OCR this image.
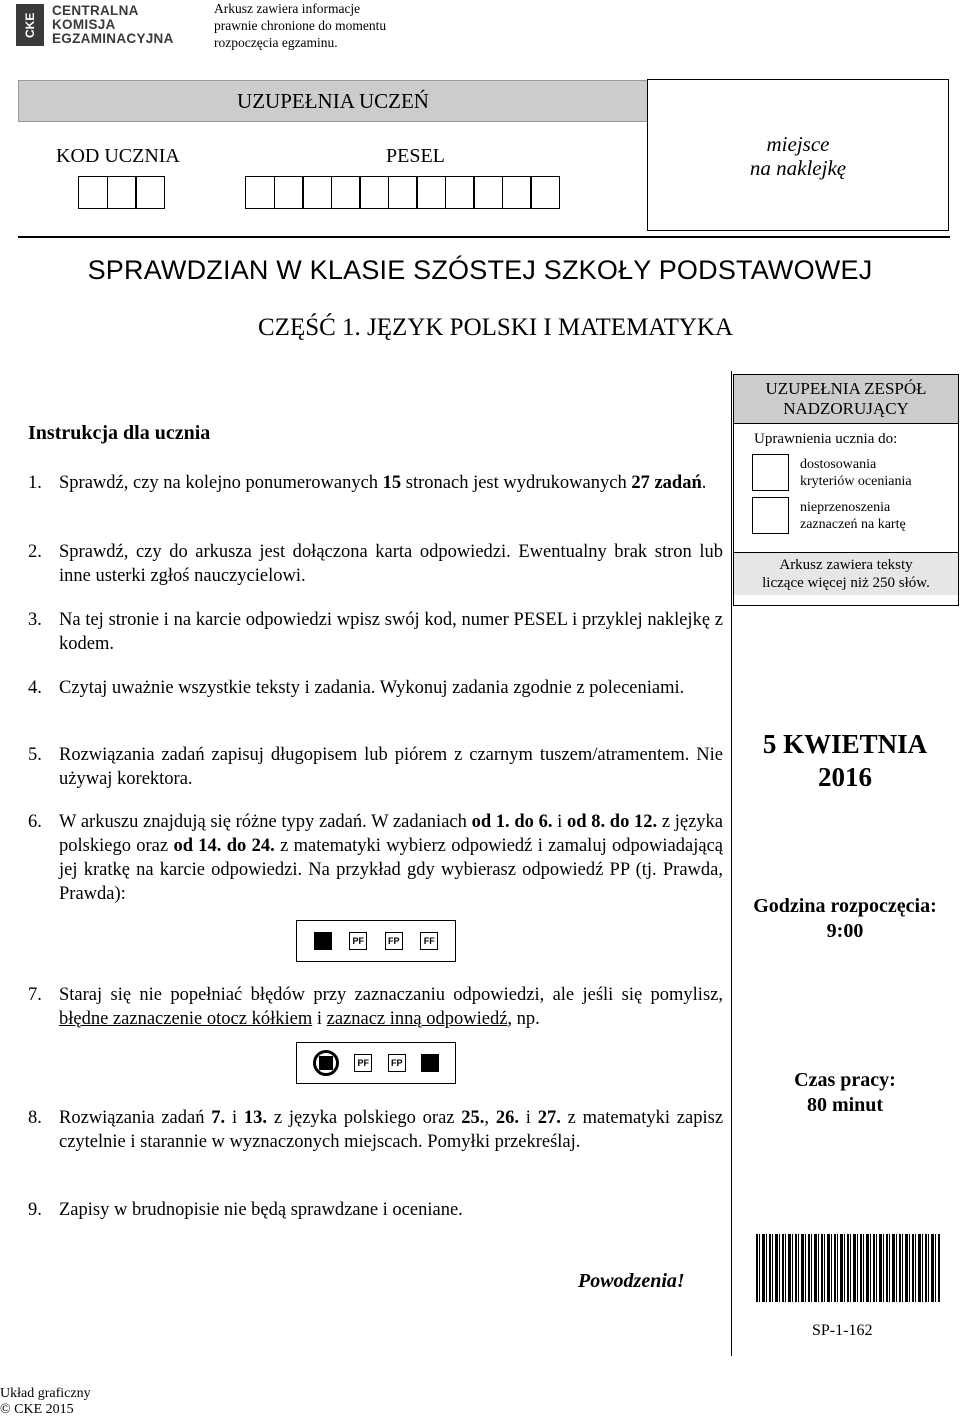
CKE
CENTRALNA
KOMISJA
EGZAMINACYJNA
Arkusz zawiera informacje
prawnie chronione do momentu
rozpoczęcia egzaminu.
UZUPEŁNIA UCZEŃ
KOD UCZNIA	PESEL	miejsce
na naklejkę
SPRAWDZIAN W KLASIE SZÓSTEJ SZKOŁY PODSTAWOWEJ
CZĘŚĆ 1. JĘZYK POLSKI I MATEMATYKA
Instrukcja dla ucznia
1. Sprawdź, czy na kolejno ponumerowanych 15 stronach jest wydrukowanych 27 zadań.
2. Sprawdź, czy do arkusza jest dołączona karta odpowiedzi. Ewentualny brak stron lub inne usterki zgłoś nauczycielowi.
3. Na tej stronie i na karcie odpowiedzi wpisz swój kod, numer PESEL i przyklej naklejkę z kodem.
4. Czytaj uważnie wszystkie teksty i zadania. Wykonuj zadania zgodnie z poleceniami.
5. Rozwiązania zadań zapisuj długopisem lub piórem z czarnym tuszem/atramentem. Nie używaj korektora.
6. W arkuszu znajdują się różne typy zadań. W zadaniach od 1. do 6. i od 8. do 12. z języka polskiego oraz od 14. do 24. z matematyki wybierz odpowiedź i zamaluj odpowiadającą jej kratkę na karcie odpowiedzi. Na przykład gdy wybierasz odpowiedź PP (tj. Prawda, Prawda):
PF	FP	FF
7. Staraj się nie popełniać błędów przy zaznaczaniu odpowiedzi, ale jeśli się pomylisz, błędne zaznaczenie otocz kółkiem i zaznacz inną odpowiedź, np.
PF	FP
8. Rozwiązania zadań 7. i 13. z języka polskiego oraz 25., 26. i 27. z matematyki zapisz czytelnie i starannie w wyznaczonych miejscach. Pomyłki przekreślaj.
9. Zapisy w brudnopisie nie będą sprawdzane i oceniane.
UZUPEŁNIA ZESPÓŁ
NADZORUJĄCY
Uprawnienia ucznia do:
dostosowania
kryteriów oceniania
nieprzenoszenia
zaznaczeń na kartę
Arkusz zawiera teksty
liczące więcej niż 250 słów.
5 KWIETNIA
2016
Godzina rozpoczęcia:
9:00
Czas pracy:
80 minut
SP-1-162
Powodzenia!
Układ graficzny
© CKE 2015
